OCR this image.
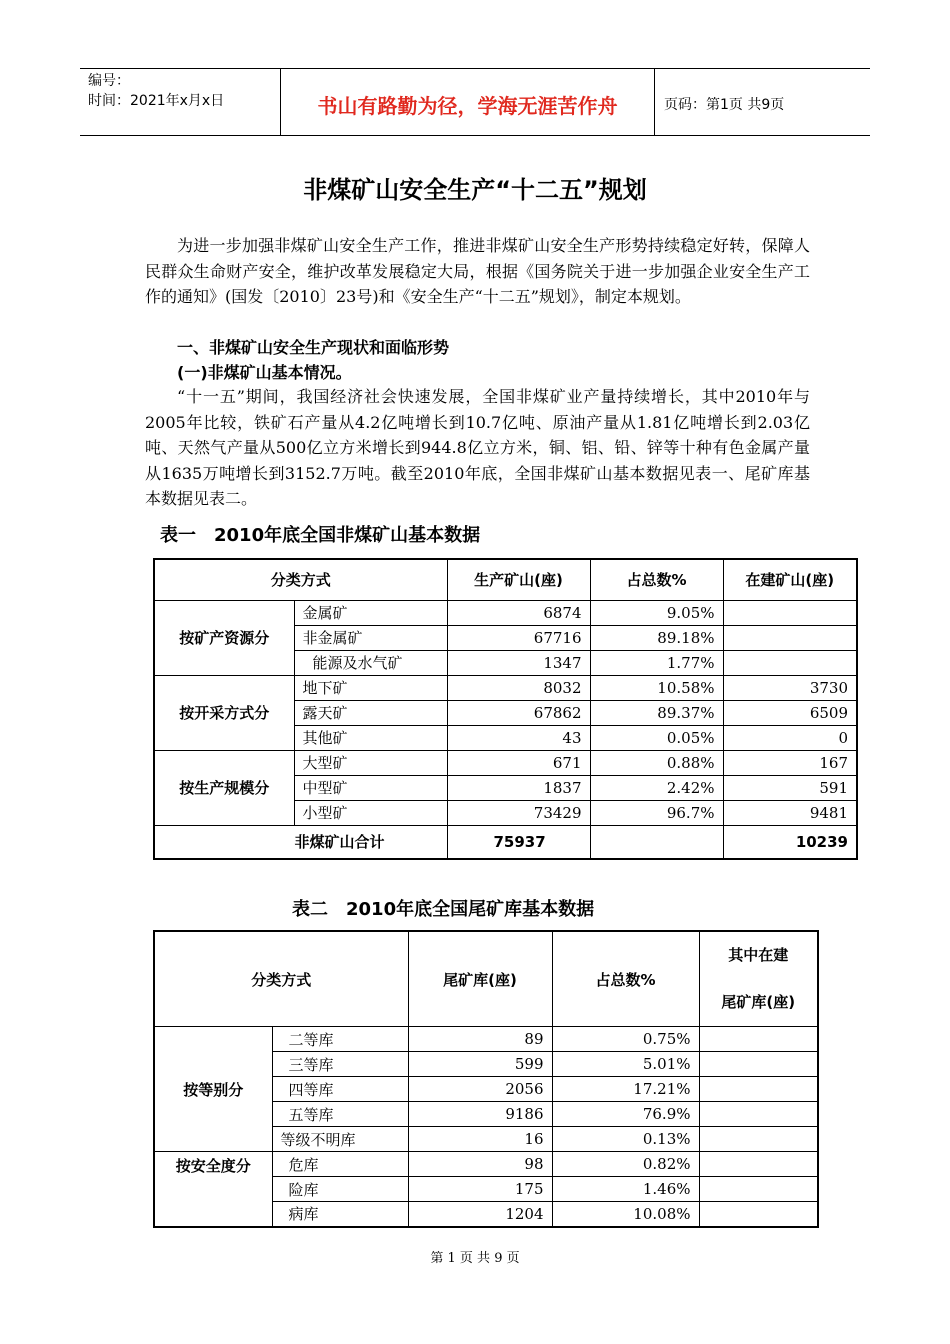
编号：
时间：2021年x月x日	书山有路勤为径，学海无涯苦作舟	页码：第1页 共9页
非煤矿山安全生产“十二五”规划
为进一步加强非煤矿山安全生产工作，推进非煤矿山安全生产形势持续稳定好转，保障人民群众生命财产安全，维护改革发展稳定大局，根据《国务院关于进一步加强企业安全生产工作的通知》(国发〔2010〕23号)和《安全生产“十二五”规划》，制定本规划。
一、非煤矿山安全生产现状和面临形势
(一)非煤矿山基本情况。
“十一五”期间，我国经济社会快速发展，全国非煤矿业产量持续增长，其中2010年与2005年比较，铁矿石产量从4.2亿吨增长到10.7亿吨、原油产量从1.81亿吨增长到2.03亿吨、天然气产量从500亿立方米增长到944.8亿立方米，铜、铝、铅、锌等十种有色金属产量从1635万吨增长到3152.7万吨。截至2010年底，全国非煤矿山基本数据见表一、尾矿库基本数据见表二。
表一　2010年底全国非煤矿山基本数据
分类方式		生产矿山(座)	占总数%	在建矿山(座)
按矿产资源分	金属矿	6874	9.05%	
	非金属矿	67716	89.18%	
	能源及水气矿	1347	1.77%	
按开采方式分	地下矿	8032	10.58%	3730
	露天矿	67862	89.37%	6509
	其他矿	43	0.05%	0
按生产规模分	大型矿	671	0.88%	167
	中型矿	1837	2.42%	591
	小型矿	73429	96.7%	9481
非煤矿山合计		75937		10239
表二　2010年底全国尾矿库基本数据
分类方式		尾矿库(座)	占总数%	其中在建
尾矿库(座)
按等别分	二等库	89	0.75%	
	三等库	599	5.01%	
	四等库	2056	17.21%	
	五等库	9186	76.9%	
	等级不明库	16	0.13%	
按安全度分	危库	98	0.82%	
	险库	175	1.46%	
	病库	1204	10.08%	
第 1 页 共 9 页
